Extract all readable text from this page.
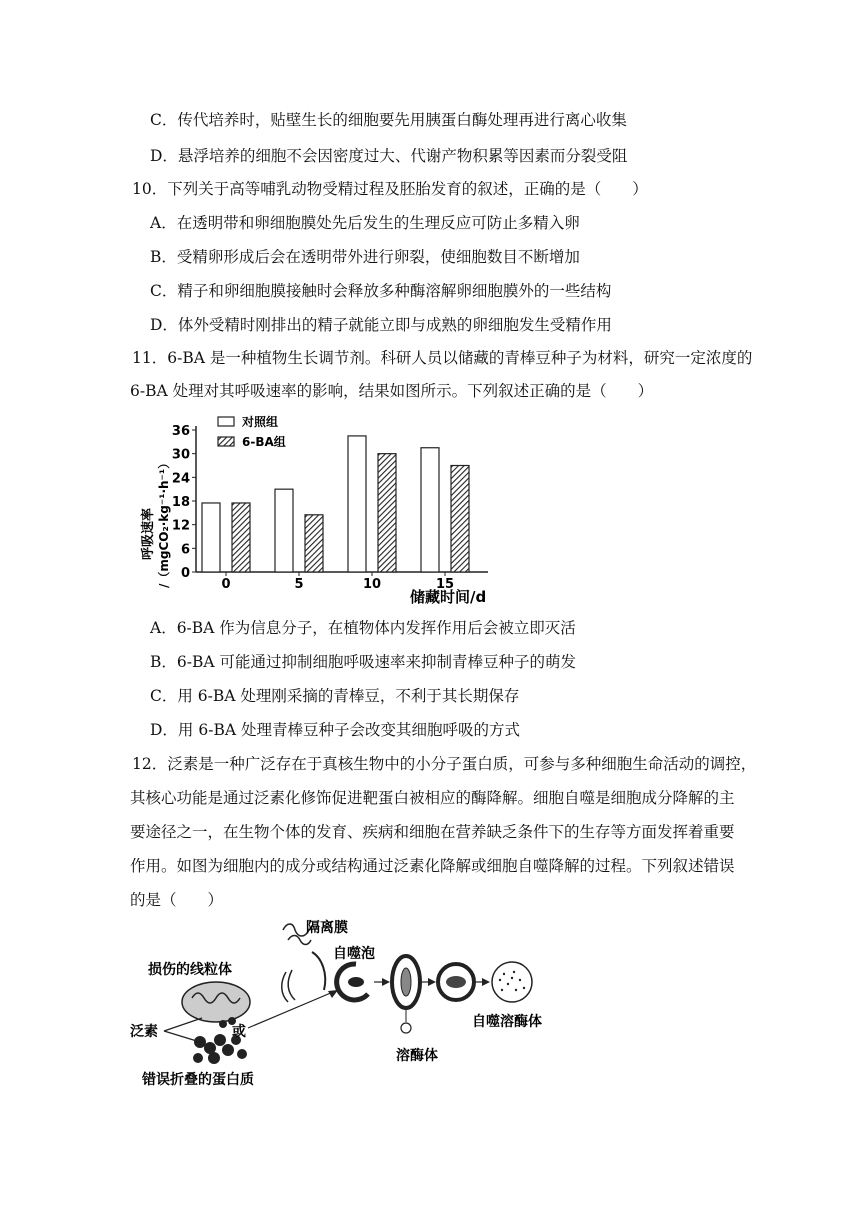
C．传代培养时，贴壁生长的细胞要先用胰蛋白酶处理再进行离心收集
D．悬浮培养的细胞不会因密度过大、代谢产物积累等因素而分裂受阻
10．下列关于高等哺乳动物受精过程及胚胎发育的叙述，正确的是（　　）
A．在透明带和卵细胞膜处先后发生的生理反应可防止多精入卵
B．受精卵形成后会在透明带外进行卵裂，使细胞数目不断增加
C．精子和卵细胞膜接触时会释放多种酶溶解卵细胞膜外的一些结构
D．体外受精时刚排出的精子就能立即与成熟的卵细胞发生受精作用
11．6-BA 是一种植物生长调节剂。科研人员以储藏的青棒豆种子为材料，研究一定浓度的
6-BA 处理对其呼吸速率的影响，结果如图所示。下列叙述正确的是（　　）
0
6
12
18
24
30
36
0	5	10	15
对照组
6-BA组
呼吸速率 /（mgCO₂·kg⁻¹·h⁻¹）
储藏时间/d
A．6-BA 作为信息分子，在植物体内发挥作用后会被立即灭活
B．6-BA 可能通过抑制细胞呼吸速率来抑制青棒豆种子的萌发
C．用 6-BA 处理刚采摘的青棒豆，不利于其长期保存
D．用 6-BA 处理青棒豆种子会改变其细胞呼吸的方式
12．泛素是一种广泛存在于真核生物中的小分子蛋白质，可参与多种细胞生命活动的调控，
其核心功能是通过泛素化修饰促进靶蛋白被相应的酶降解。细胞自噬是细胞成分降解的主
要途径之一，在生物个体的发育、疾病和细胞在营养缺乏条件下的生存等方面发挥着重要
作用。如图为细胞内的成分或结构通过泛素化降解或细胞自噬降解的过程。下列叙述错误
的是（　　）
隔离膜
自噬泡
损伤的线粒体
泛素	或
错误折叠的蛋白质
溶酶体
自噬溶酶体
